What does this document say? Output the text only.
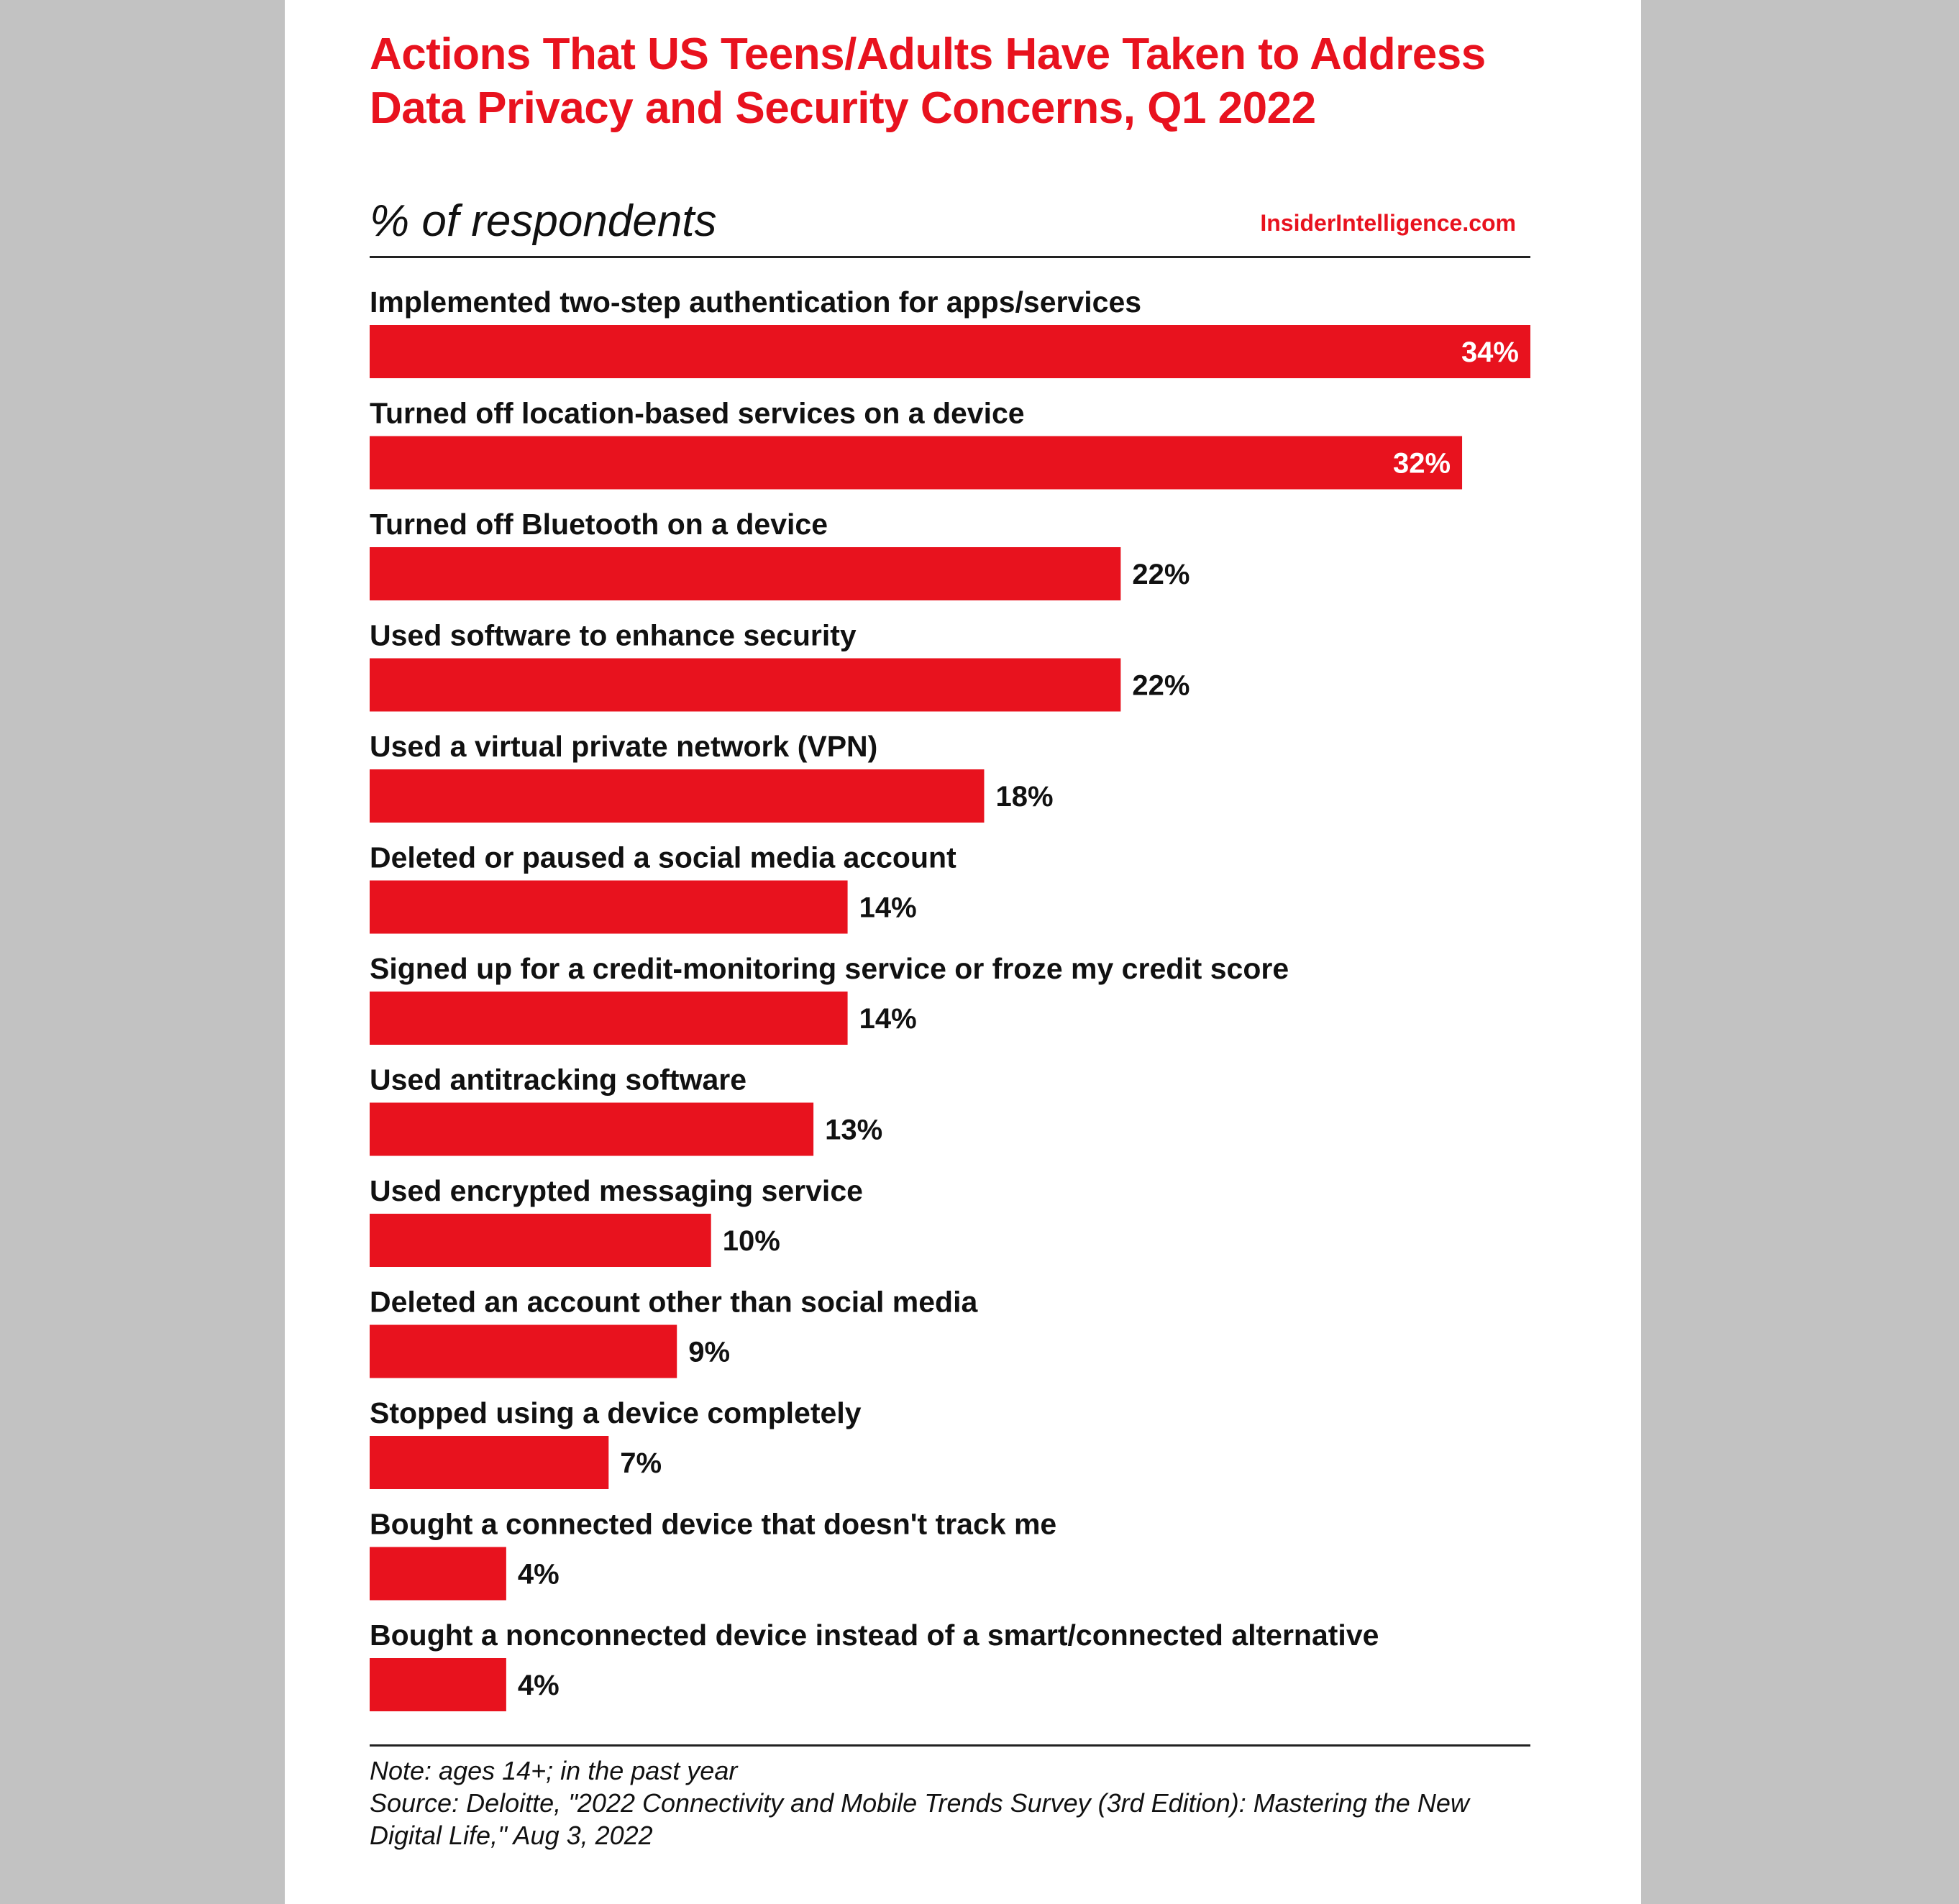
Actions That US Teens/Adults Have Taken to Address Data Privacy and Security Concerns, Q1 2022
% of respondents	InsiderIntelligence.com
Implemented two-step authentication for apps/services
34%
Turned off location-based services on a device
32%
Turned off Bluetooth on a device
22%
Used software to enhance security
22%
Used a virtual private network (VPN)
18%
Deleted or paused a social media account
14%
Signed up for a credit-monitoring service or froze my credit score
14%
Used antitracking software
13%
Used encrypted messaging service
10%
Deleted an account other than social media
9%
Stopped using a device completely
7%
Bought a connected device that doesn't track me
4%
Bought a nonconnected device instead of a smart/connected alternative
4%
Note: ages 14+; in the past year
Source: Deloitte, "2022 Connectivity and Mobile Trends Survey (3rd Edition): Mastering the New Digital Life," Aug 3, 2022
